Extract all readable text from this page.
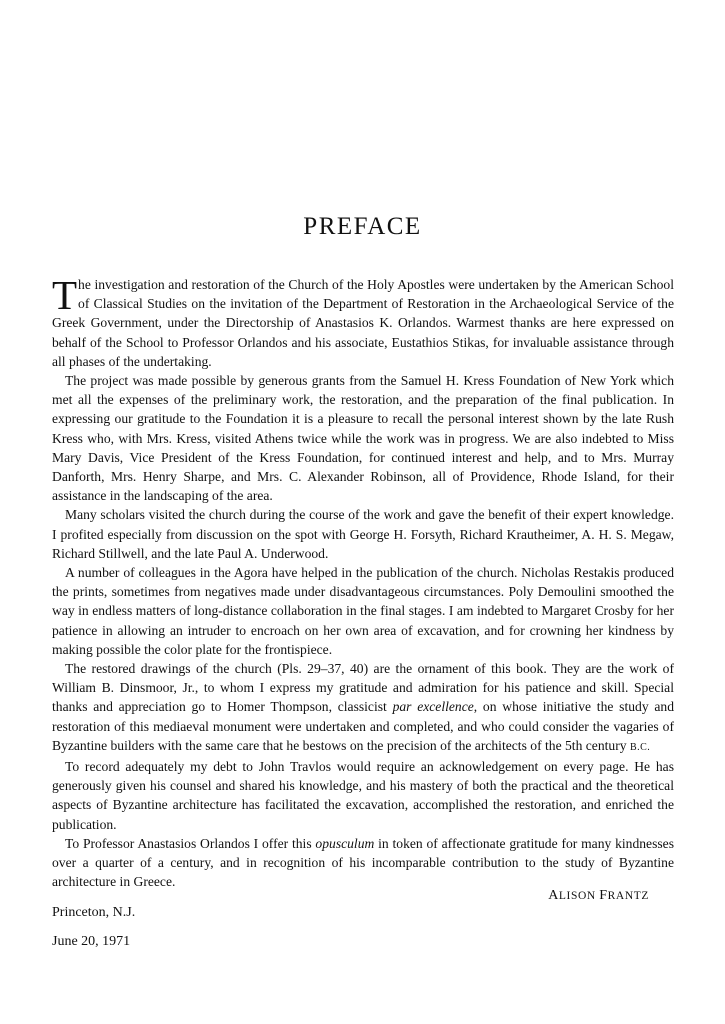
PREFACE

The investigation and restoration of the Church of the Holy Apostles were undertaken by the American School of Classical Studies on the invitation of the Department of Restoration in the Archaeological Service of the Greek Government, under the Directorship of Anastasios K. Orlandos. Warmest thanks are here expressed on behalf of the School to Professor Orlandos and his associate, Eustathios Stikas, for invaluable assistance through all phases of the undertaking.

The project was made possible by generous grants from the Samuel H. Kress Foundation of New York which met all the expenses of the preliminary work, the restoration, and the preparation of the final publication. In expressing our gratitude to the Foundation it is a pleasure to recall the personal interest shown by the late Rush Kress who, with Mrs. Kress, visited Athens twice while the work was in progress. We are also indebted to Miss Mary Davis, Vice President of the Kress Foundation, for continued interest and help, and to Mrs. Murray Danforth, Mrs. Henry Sharpe, and Mrs. C. Alexander Robinson, all of Providence, Rhode Island, for their assistance in the landscaping of the area.

Many scholars visited the church during the course of the work and gave the benefit of their expert knowledge. I profited especially from discussion on the spot with George H. Forsyth, Richard Krautheimer, A. H. S. Megaw, Richard Stillwell, and the late Paul A. Underwood.

A number of colleagues in the Agora have helped in the publication of the church. Nicholas Restakis produced the prints, sometimes from negatives made under disadvantageous circumstances. Poly Demoulini smoothed the way in endless matters of long-distance collaboration in the final stages. I am indebted to Margaret Crosby for her patience in allowing an intruder to encroach on her own area of excavation, and for crowning her kindness by making possible the color plate for the frontispiece.

The restored drawings of the church (Pls. 29–37, 40) are the ornament of this book. They are the work of William B. Dinsmoor, Jr., to whom I express my gratitude and admiration for his patience and skill. Special thanks and appreciation go to Homer Thompson, classicist par excellence, on whose initiative the study and restoration of this mediaeval monument were undertaken and completed, and who could consider the vagaries of Byzantine builders with the same care that he bestows on the precision of the architects of the 5th century B.C.

To record adequately my debt to John Travlos would require an acknowledgement on every page. He has generously given his counsel and shared his knowledge, and his mastery of both the practical and the theoretical aspects of Byzantine architecture has facilitated the excavation, accomplished the restoration, and enriched the publication.

To Professor Anastasios Orlandos I offer this opusculum in token of affectionate gratitude for many kindnesses over a quarter of a century, and in recognition of his incomparable contribution to the study of Byzantine architecture in Greece.

ALISON FRANTZ
Princeton, N.J.
June 20, 1971
